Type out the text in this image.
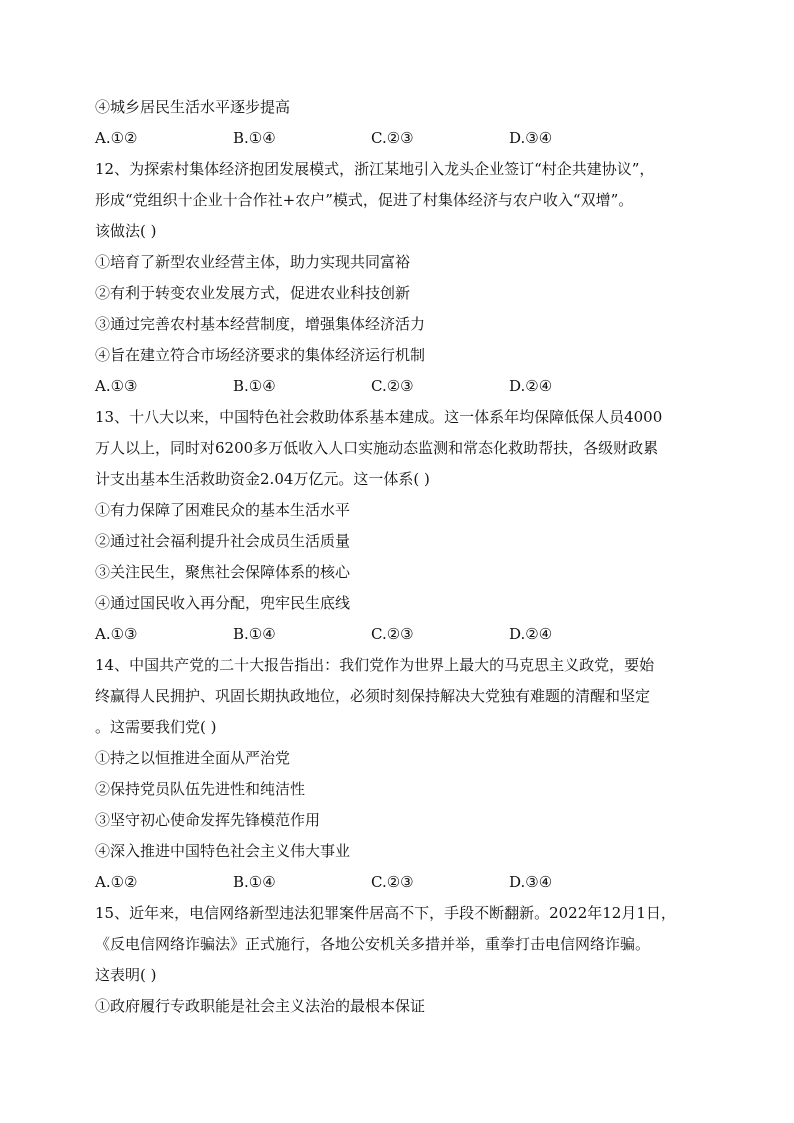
④城乡居民生活水平逐步提高
A.①②	B.①④	C.②③	D.③④
12、为探索村集体经济抱团发展模式，浙江某地引入龙头企业签订“村企共建协议”，
形成“党组织十企业十合作社+农户”模式，促进了村集体经济与农户收入“双增”。
该做法( )
①培育了新型农业经营主体，助力实现共同富裕
②有利于转变农业发展方式，促进农业科技创新
③通过完善农村基本经营制度，增强集体经济活力
④旨在建立符合市场经济要求的集体经济运行机制
A.①③	B.①④	C.②③	D.②④
13、十八大以来，中国特色社会救助体系基本建成。这一体系年均保障低保人员4000
万人以上，同时对6200多万低收入人口实施动态监测和常态化救助帮扶，各级财政累
计支出基本生活救助资金2.04万亿元。这一体系( )
①有力保障了困难民众的基本生活水平
②通过社会福利提升社会成员生活质量
③关注民生，聚焦社会保障体系的核心
④通过国民收入再分配，兜牢民生底线
A.①③	B.①④	C.②③	D.②④
14、中国共产党的二十大报告指出：我们党作为世界上最大的马克思主义政党，要始
终赢得人民拥护、巩固长期执政地位，必须时刻保持解决大党独有难题的清醒和坚定
。这需要我们党( )
①持之以恒推进全面从严治党
②保持党员队伍先进性和纯洁性
③坚守初心使命发挥先锋模范作用
④深入推进中国特色社会主义伟大事业
A.①②	B.①④	C.②③	D.③④
15、近年来，电信网络新型违法犯罪案件居高不下，手段不断翻新。2022年12月1日，
《反电信网络诈骗法》正式施行，各地公安机关多措并举，重拳打击电信网络诈骗。
这表明( )
①政府履行专政职能是社会主义法治的最根本保证
